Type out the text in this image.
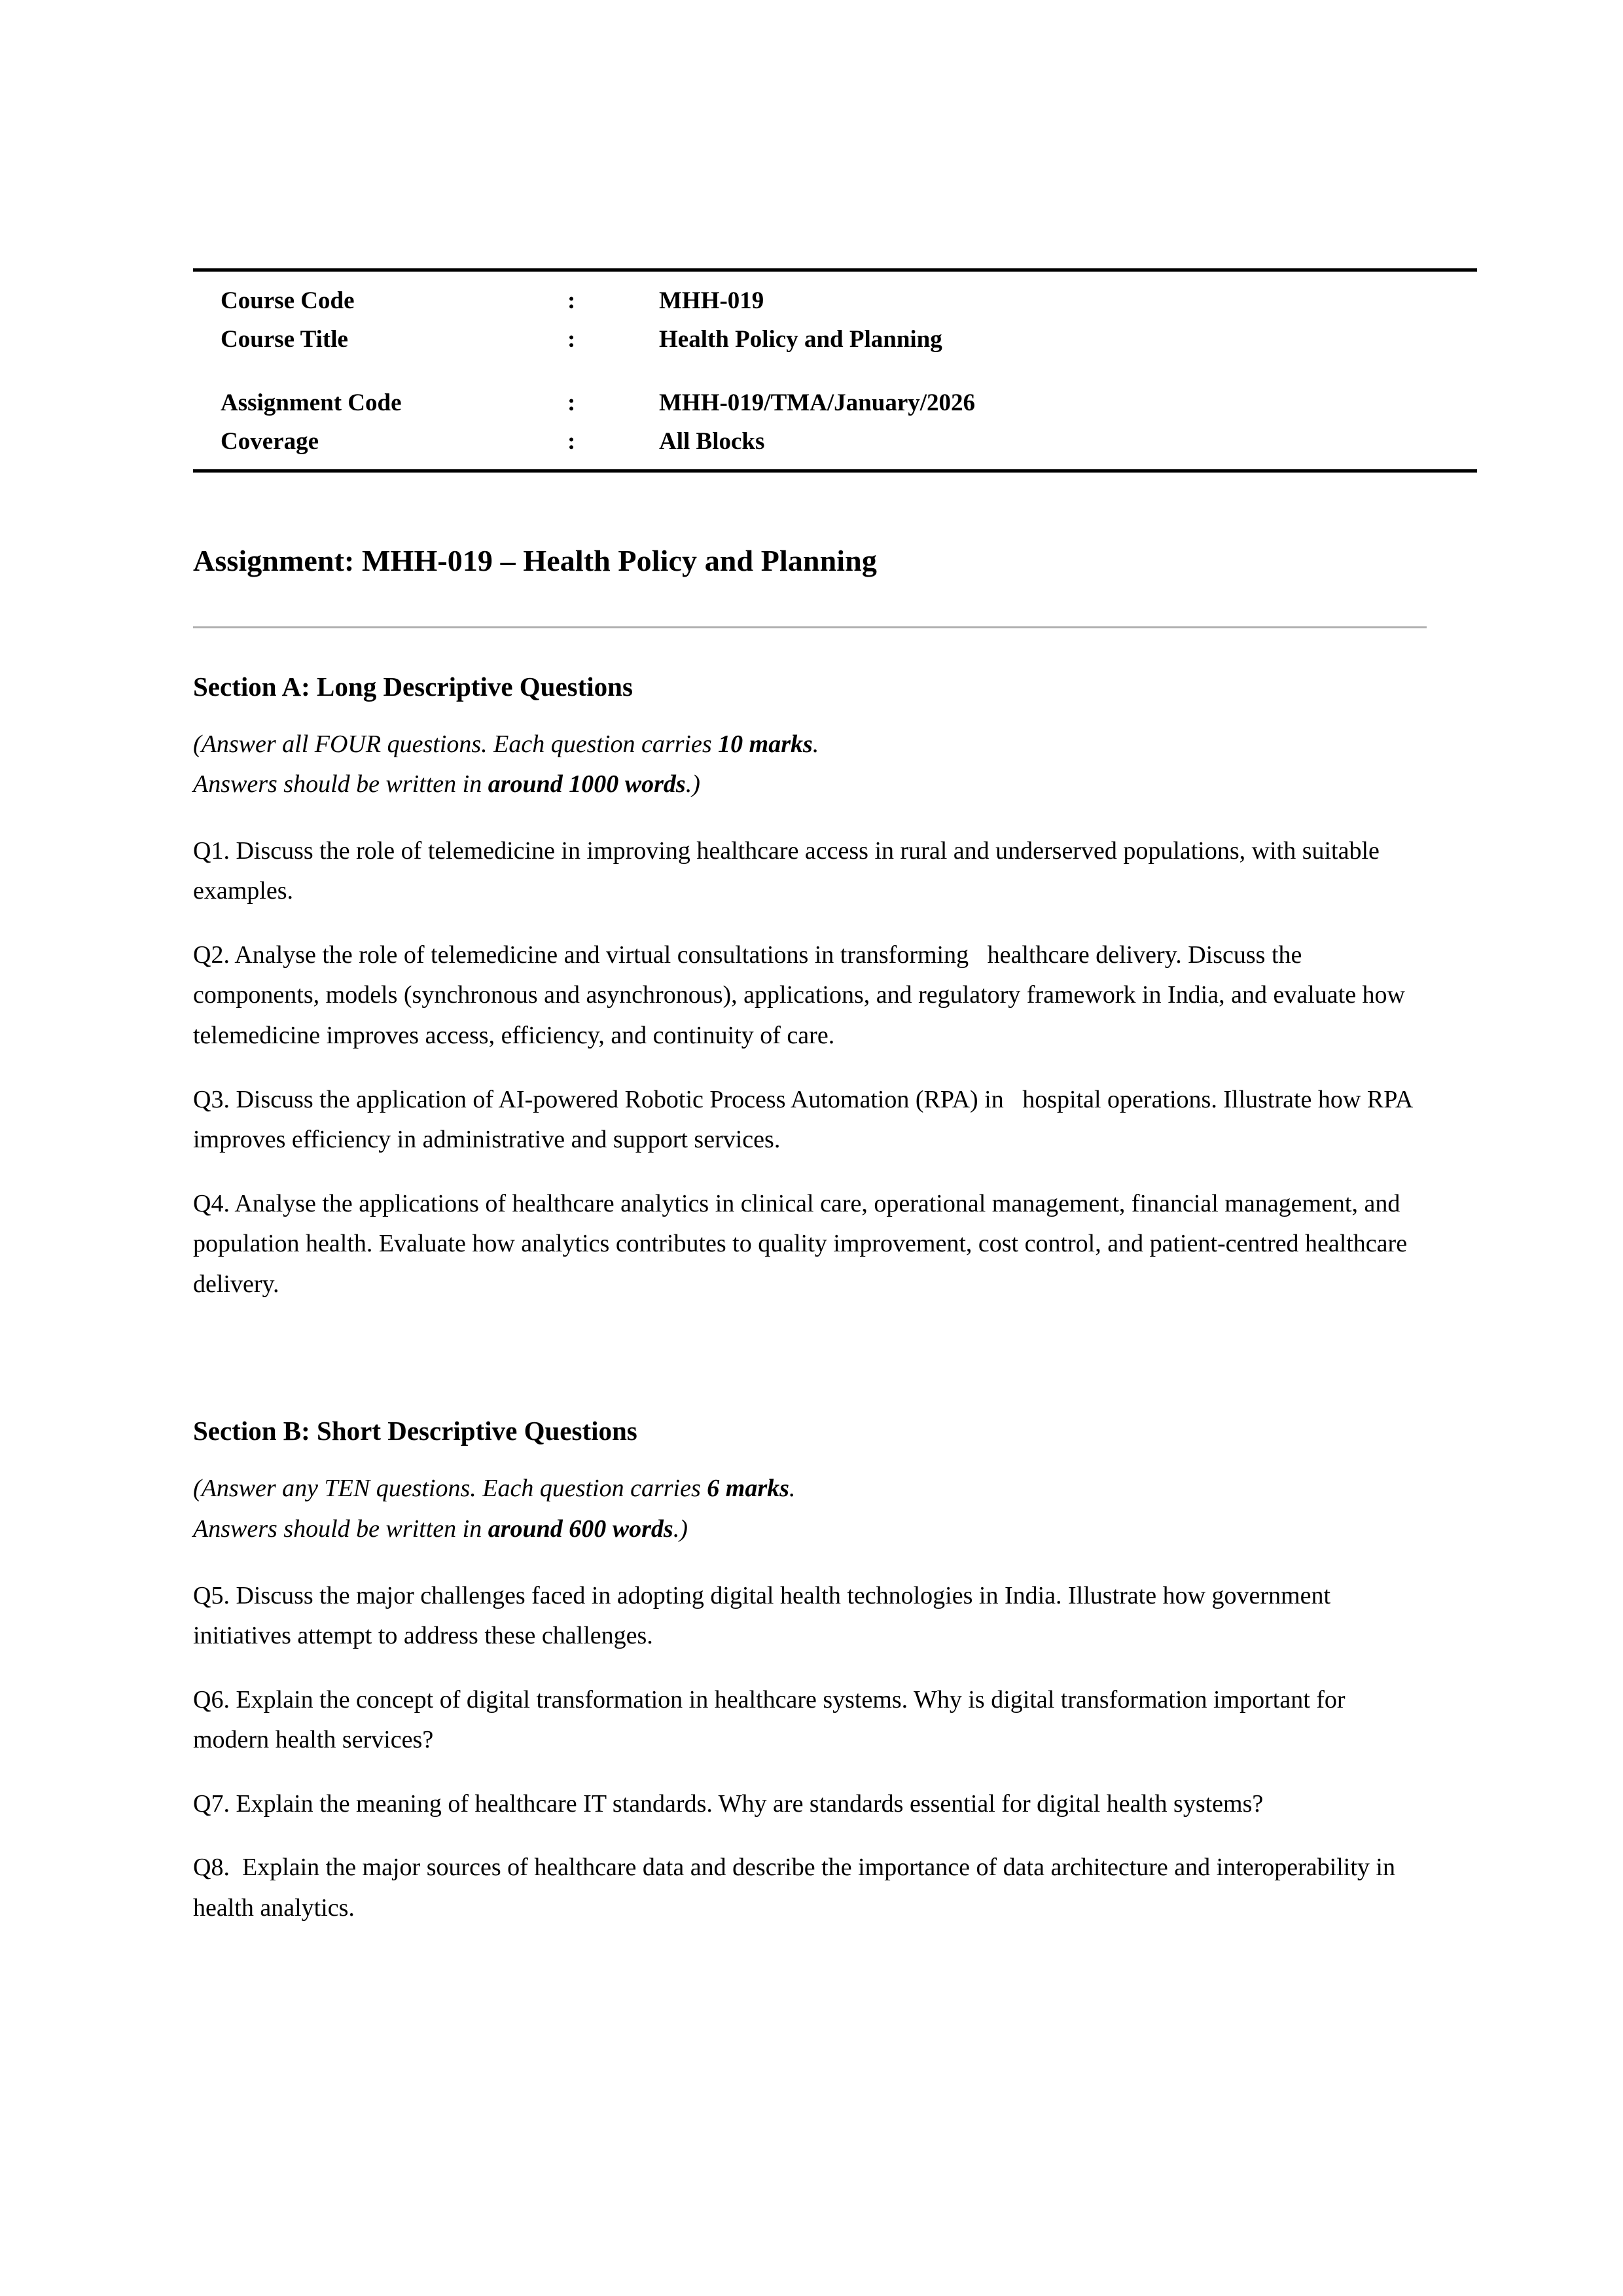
Course Code	:	MHH-019
Course Title	:	Health Policy and Planning
Assignment Code	:	MHH-019/TMA/January/2026
Coverage	:	All Blocks
Assignment: MHH-019 – Health Policy and Planning
Section A: Long Descriptive Questions

(Answer all FOUR questions. Each question carries 10 marks.
Answers should be written in around 1000 words.)

Q1. Discuss the role of telemedicine in improving healthcare access in rural and underserved populations, with suitable examples.

Q2. Analyse the role of telemedicine and virtual consultations in transforming   healthcare delivery. Discuss the components, models (synchronous and asynchronous), applications, and regulatory framework in India, and evaluate how telemedicine improves access, efficiency, and continuity of care.

Q3. Discuss the application of AI-powered Robotic Process Automation (RPA) in   hospital operations. Illustrate how RPA improves efficiency in administrative and support services.

Q4. Analyse the applications of healthcare analytics in clinical care, operational management, financial management, and population health. Evaluate how analytics contributes to quality improvement, cost control, and patient-centred healthcare delivery.

Section B: Short Descriptive Questions

(Answer any TEN questions. Each question carries 6 marks.
Answers should be written in around 600 words.)

Q5. Discuss the major challenges faced in adopting digital health technologies in India. Illustrate how government initiatives attempt to address these challenges.

Q6. Explain the concept of digital transformation in healthcare systems. Why is digital transformation important for modern health services?

Q7. Explain the meaning of healthcare IT standards. Why are standards essential for digital health systems?

Q8.  Explain the major sources of healthcare data and describe the importance of data architecture and interoperability in health analytics.
